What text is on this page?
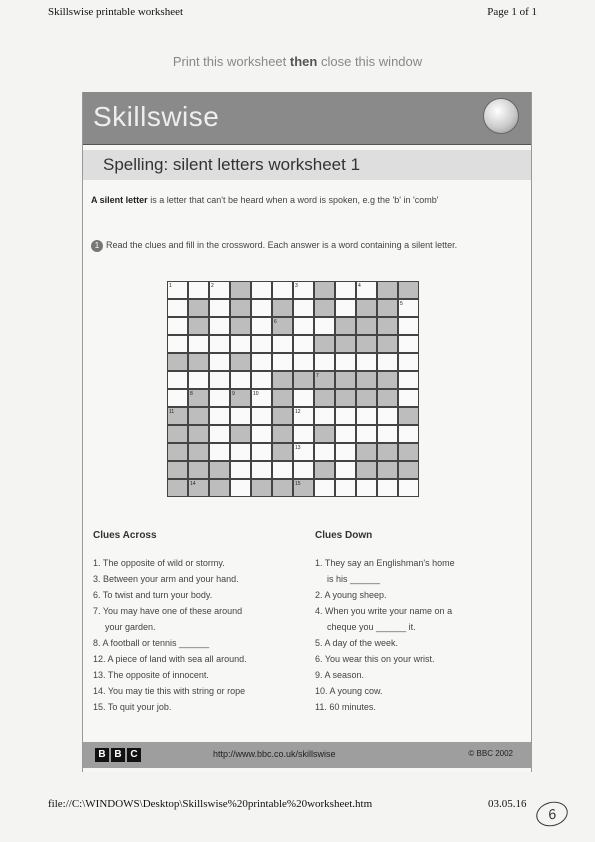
Skillswise printable worksheet	Page 1 of 1
Print this worksheet then close this window
Skillswise
Spelling: silent letters worksheet 1
A silent letter is a letter that can't be heard when a word is spoken, e.g the 'b' in 'comb'
1 Read the clues and fill in the crossword. Each answer is a word containing a silent letter.
1	2	3	4
5
6
7
8	9	10
11	12
13
14	15
Clues Across
1. The opposite of wild or stormy.
3. Between your arm and your hand.
6. To twist and turn your body.
7. You may have one of these around
your garden.
8. A football or tennis ______
12. A piece of land with sea all around.
13. The opposite of innocent.
14. You may tie this with string or rope
15. To quit your job.
Clues Down
1. They say an Englishman's home
is his ______
2. A young sheep.
4. When you write your name on a
cheque you ______ it.
5. A day of the week.
6. You wear this on your wrist.
9. A season.
10. A young cow.
11. 60 minutes.
B B C	http://www.bbc.co.uk/skillswise	© BBC 2002
file://C:\WINDOWS\Desktop\Skillswise%20printable%20worksheet.htm	03.05.16
6
